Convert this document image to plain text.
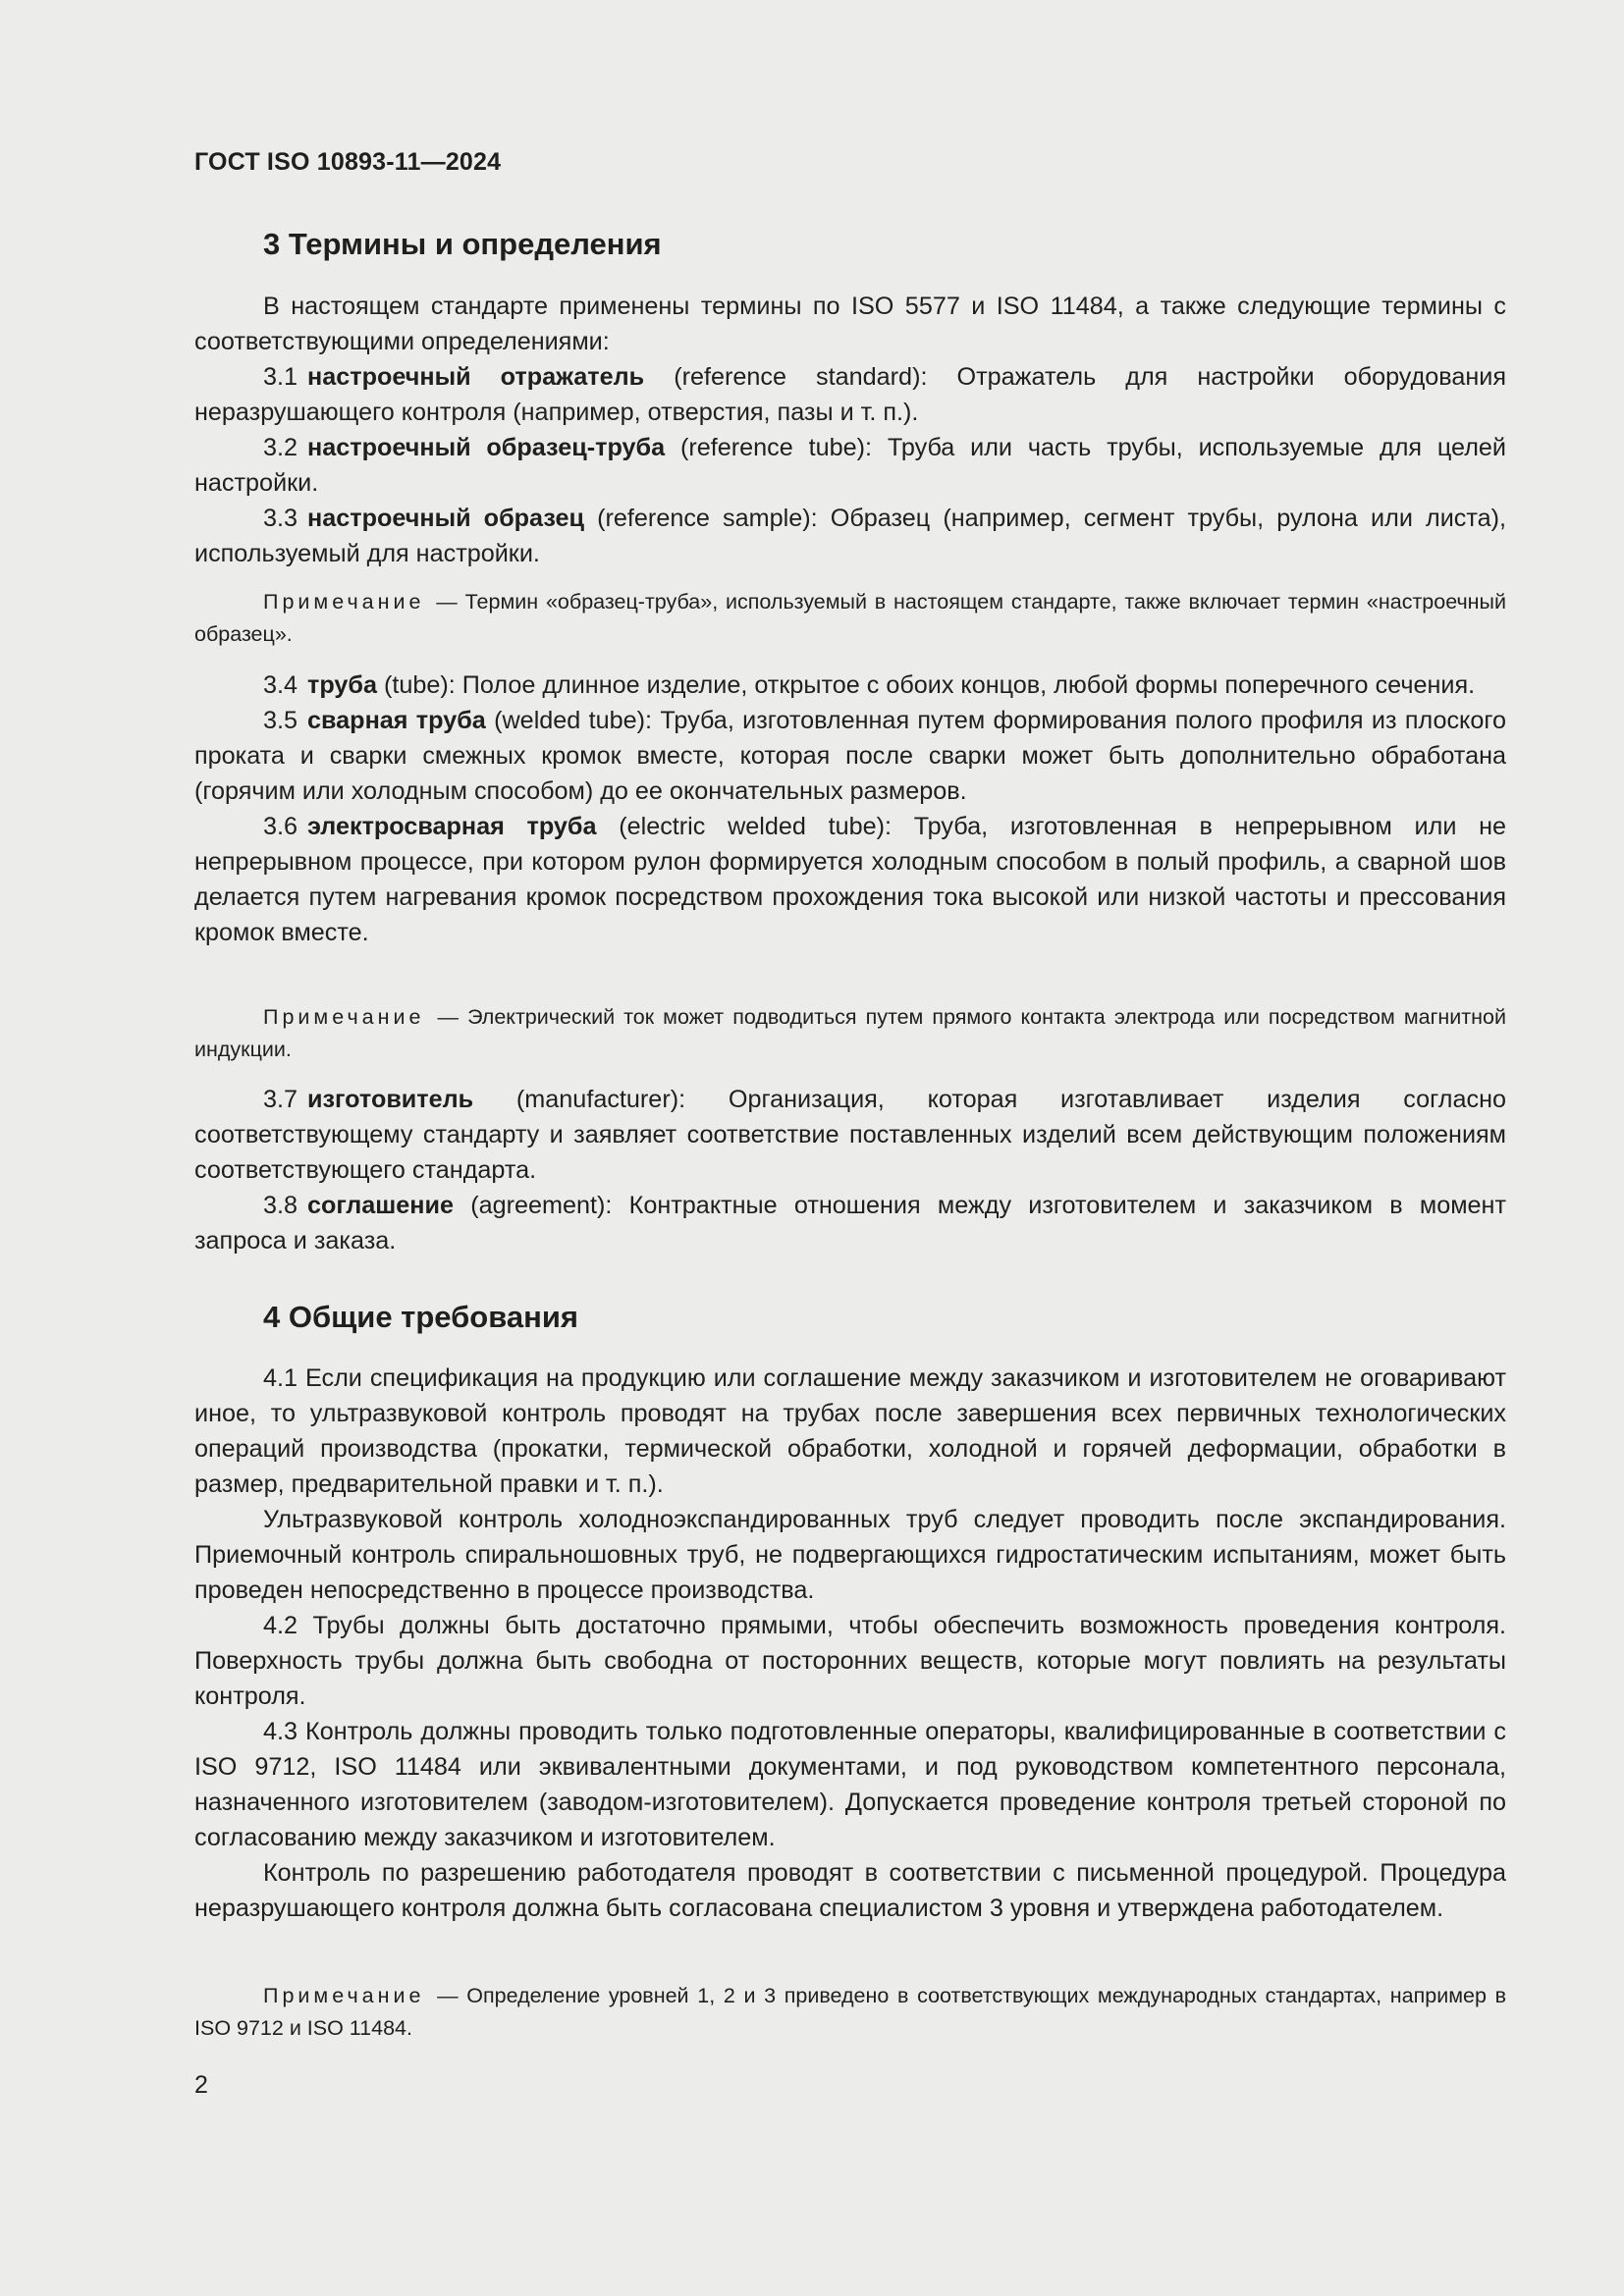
ГОСТ ISO 10893-11—2024

3 Термины и определения

В настоящем стандарте применены термины по ISO 5577 и ISO 11484, а также следующие термины с соответствующими определениями:

3.1 настроечный отражатель (reference standard): Отражатель для настройки оборудования неразрушающего контроля (например, отверстия, пазы и т. п.).

3.2 настроечный образец-труба (reference tube): Труба или часть трубы, используемые для целей настройки.

3.3 настроечный образец (reference sample): Образец (например, сегмент трубы, рулона или листа), используемый для настройки.

Примечание — Термин «образец-труба», используемый в настоящем стандарте, также включает термин «настроечный образец».

3.4 труба (tube): Полое длинное изделие, открытое с обоих концов, любой формы поперечного сечения.

3.5 сварная труба (welded tube): Труба, изготовленная путем формирования полого профиля из плоского проката и сварки смежных кромок вместе, которая после сварки может быть дополнительно обработана (горячим или холодным способом) до ее окончательных размеров.

3.6 электросварная труба (electric welded tube): Труба, изготовленная в непрерывном или не непрерывном процессе, при котором рулон формируется холодным способом в полый профиль, а сварной шов делается путем нагревания кромок посредством прохождения тока высокой или низкой частоты и прессования кромок вместе.

Примечание — Электрический ток может подводиться путем прямого контакта электрода или посредством магнитной индукции.

3.7 изготовитель (manufacturer): Организация, которая изготавливает изделия согласно соответствующему стандарту и заявляет соответствие поставленных изделий всем действующим положениям соответствующего стандарта.

3.8 соглашение (agreement): Контрактные отношения между изготовителем и заказчиком в момент запроса и заказа.

4 Общие требования

4.1 Если спецификация на продукцию или соглашение между заказчиком и изготовителем не оговаривают иное, то ультразвуковой контроль проводят на трубах после завершения всех первичных технологических операций производства (прокатки, термической обработки, холодной и горячей деформации, обработки в размер, предварительной правки и т. п.).

Ультразвуковой контроль холодноэкспандированных труб следует проводить после экспандирования. Приемочный контроль спиральношовных труб, не подвергающихся гидростатическим испытаниям, может быть проведен непосредственно в процессе производства.

4.2 Трубы должны быть достаточно прямыми, чтобы обеспечить возможность проведения контроля. Поверхность трубы должна быть свободна от посторонних веществ, которые могут повлиять на результаты контроля.

4.3 Контроль должны проводить только подготовленные операторы, квалифицированные в соответствии с ISO 9712, ISO 11484 или эквивалентными документами, и под руководством компетентного персонала, назначенного изготовителем (заводом-изготовителем). Допускается проведение контроля третьей стороной по согласованию между заказчиком и изготовителем.

Контроль по разрешению работодателя проводят в соответствии с письменной процедурой. Процедура неразрушающего контроля должна быть согласована специалистом 3 уровня и утверждена работодателем.

Примечание — Определение уровней 1, 2 и 3 приведено в соответствующих международных стандартах, например в ISO 9712 и ISO 11484.

2
